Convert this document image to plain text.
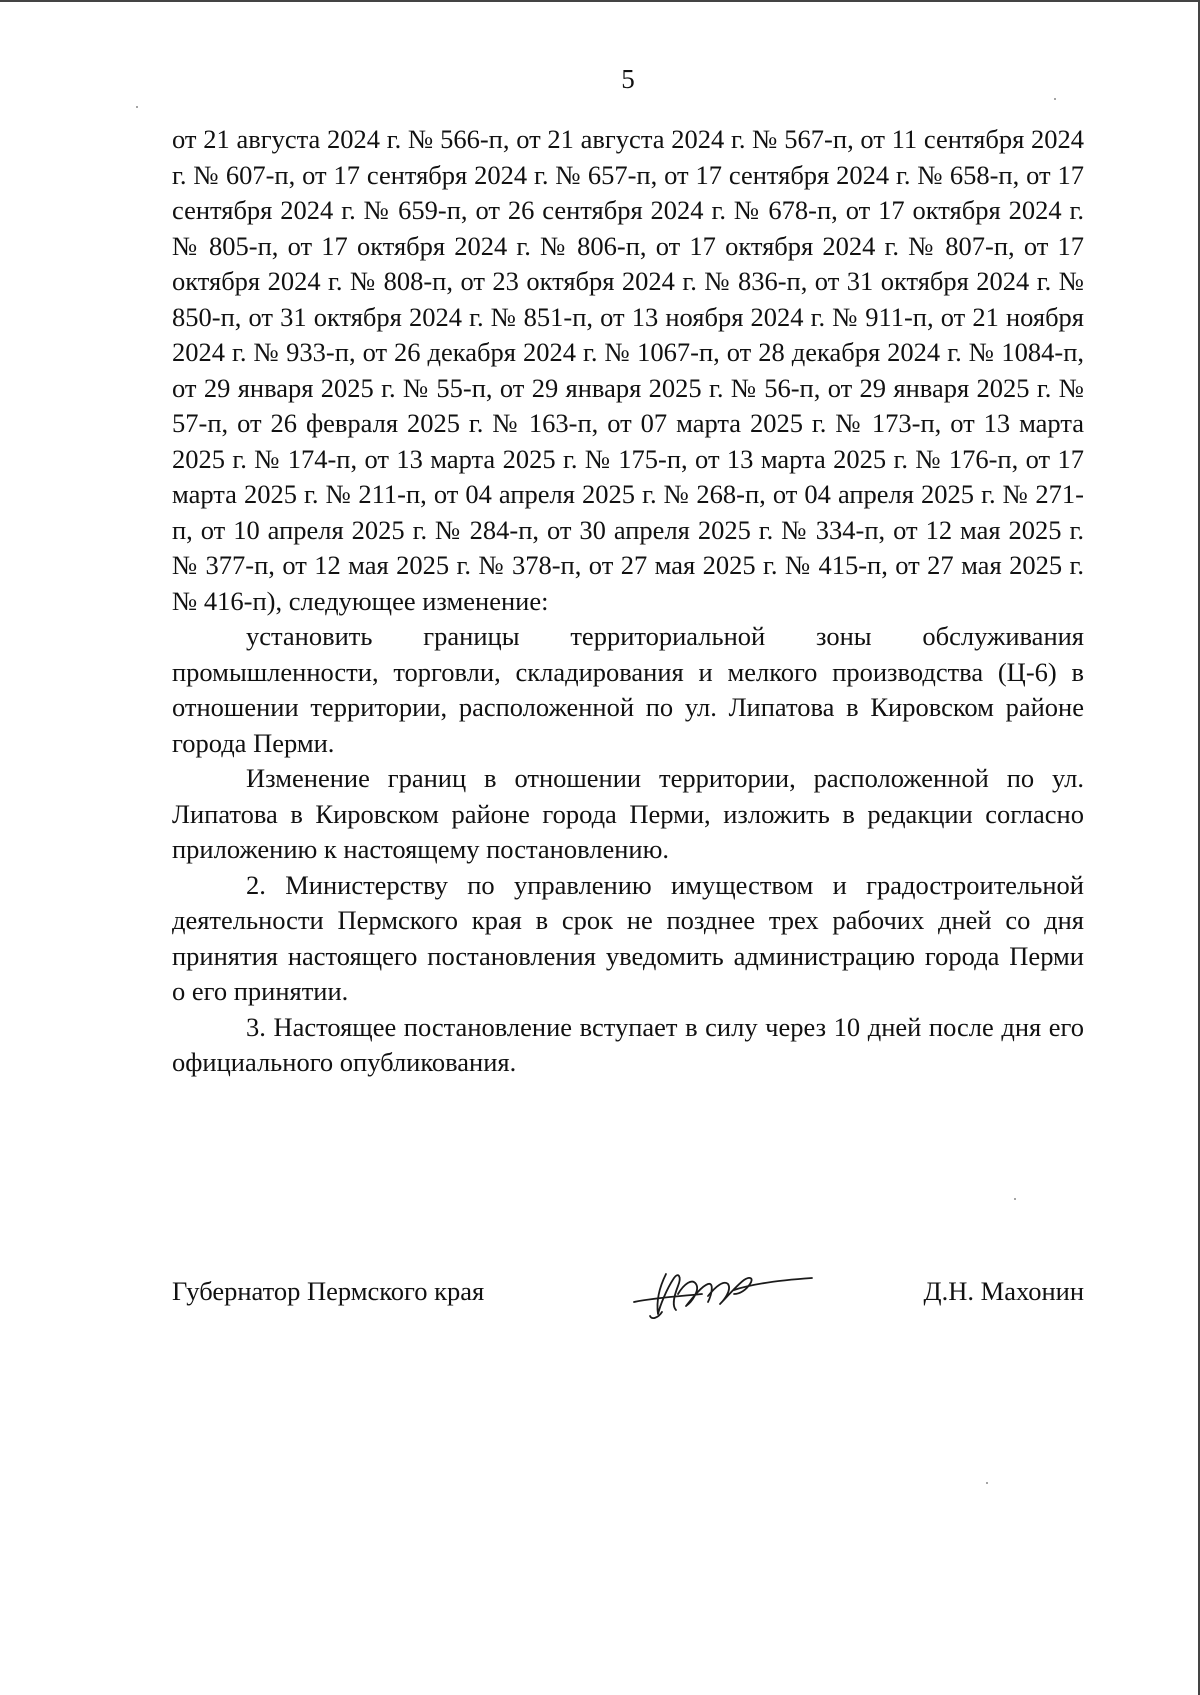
5

от 21 августа 2024 г. № 566-п, от 21 августа 2024 г. № 567-п, от 11 сентября 2024 г. № 607-п, от 17 сентября 2024 г. № 657-п, от 17 сентября 2024 г. № 658-п, от 17 сентября 2024 г. № 659-п, от 26 сентября 2024 г. № 678-п, от 17 октября 2024 г. № 805-п, от 17 октября 2024 г. № 806-п, от 17 октября 2024 г. № 807-п, от 17 октября 2024 г. № 808-п, от 23 октября 2024 г. № 836-п, от 31 октября 2024 г. № 850-п, от 31 октября 2024 г. № 851-п, от 13 ноября 2024 г. № 911-п, от 21 ноября 2024 г. № 933-п, от 26 декабря 2024 г. № 1067-п, от 28 декабря 2024 г. № 1084-п, от 29 января 2025 г. № 55-п, от 29 января 2025 г. № 56-п, от 29 января 2025 г. № 57-п, от 26 февраля 2025 г. № 163-п, от 07 марта 2025 г. № 173-п, от 13 марта 2025 г. № 174-п, от 13 марта 2025 г. № 175-п, от 13 марта 2025 г. № 176-п, от 17 марта 2025 г. № 211-п, от 04 апреля 2025 г. № 268-п, от 04 апреля 2025 г. № 271-п, от 10 апреля 2025 г. № 284-п, от 30 апреля 2025 г. № 334-п, от 12 мая 2025 г. № 377-п, от 12 мая 2025 г. № 378-п, от 27 мая 2025 г. № 415-п, от 27 мая 2025 г. № 416-п), следующее изменение:

установить границы территориальной зоны обслуживания промышленности, торговли, складирования и мелкого производства (Ц-6) в отношении территории, расположенной по ул. Липатова в Кировском районе города Перми.

Изменение границ в отношении территории, расположенной по ул. Липатова в Кировском районе города Перми, изложить в редакции согласно приложению к настоящему постановлению.

2. Министерству по управлению имуществом и градостроительной деятельности Пермского края в срок не позднее трех рабочих дней со дня принятия настоящего постановления уведомить администрацию города Перми о его принятии.

3. Настоящее постановление вступает в силу через 10 дней после дня его официального опубликования.

Губернатор Пермского края	Д.Н. Махонин
